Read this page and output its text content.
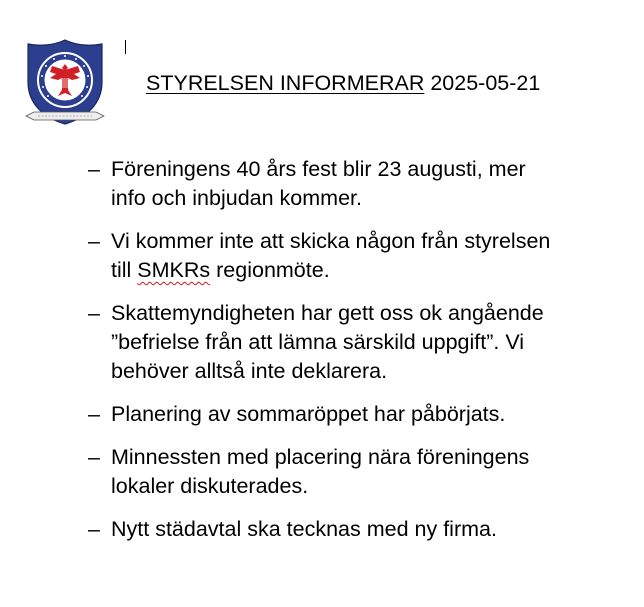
STYRELSEN INFORMERAR 2025-05-21
– Föreningens 40 års fest blir 23 augusti, mer
info och inbjudan kommer.
– Vi kommer inte att skicka någon från styrelsen
till SMKRs regionmöte.
– Skattemyndigheten har gett oss ok angående
”befrielse från att lämna särskild uppgift”. Vi
behöver alltså inte deklarera.
– Planering av sommaröppet har påbörjats.
– Minnessten med placering nära föreningens
lokaler diskuterades.
– Nytt städavtal ska tecknas med ny firma.
